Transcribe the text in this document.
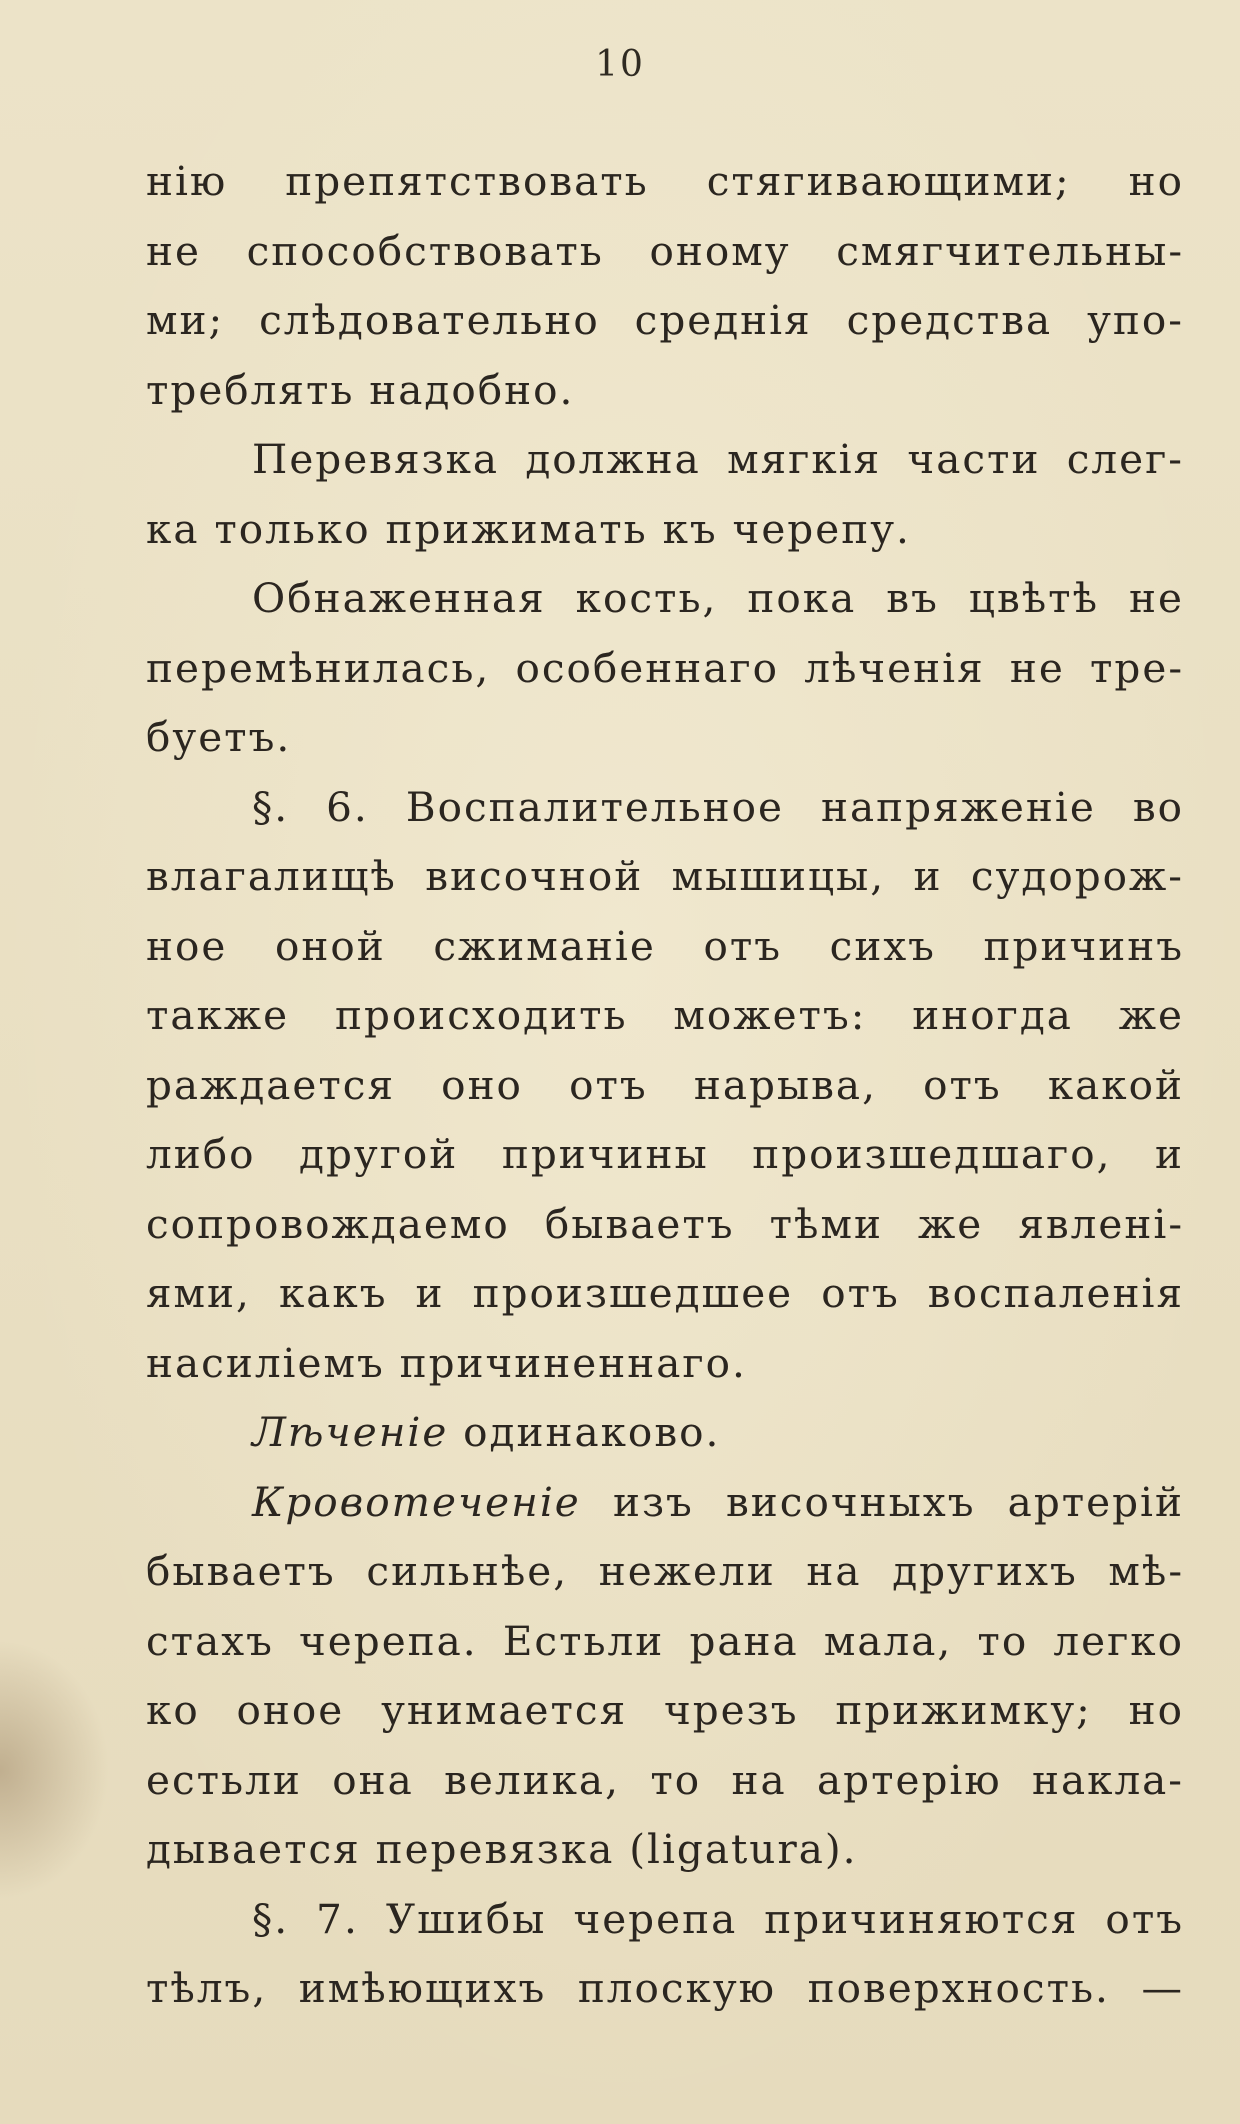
10
нію препятствовать стягивающими; но
не способствовать оному смягчительны-
ми; слѣдовательно среднія средства упо-
треблять надобно.
Перевязка должна мягкія части слег-
ка только прижимать къ черепу.
Обнаженная кость, пока въ цвѣтѣ не
перемѣнилась, особеннаго лѣченія не тре-
буетъ.
§. 6. Воспалительное напряженіе во
влагалищѣ височной мышицы, и судорож-
ное оной сжиманіе отъ сихъ причинъ
также происходить можетъ: иногда же
раждается оно отъ нарыва, отъ какой
либо другой причины произшедшаго, и
сопровождаемо бываетъ тѣми же явлені-
ями, какъ и произшедшее отъ воспаленія
насиліемъ причиненнаго.
Лѣченіе одинаково.
Кровотеченіе изъ височныхъ артерій
бываетъ сильнѣе, нежели на другихъ мѣ-
стахъ черепа. Естьли рана мала, то легко
ко оное унимается чрезъ прижимку; но
естьли она велика, то на артерію накла-
дывается перевязка (ligatura).
§. 7. Ушибы черепа причиняются отъ
тѣлъ, имѣющихъ плоскую поверхность. —
